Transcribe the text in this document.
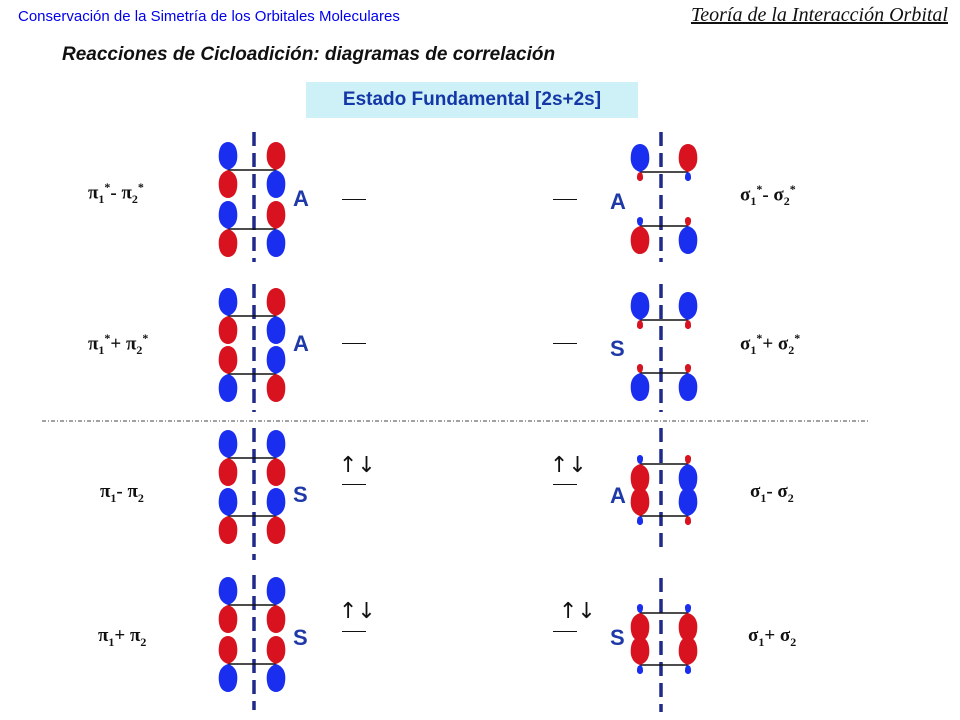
Conservación de la Simetría de los Orbitales Moleculares	Teoría de la Interacción Orbital
Reacciones de Cicloadición: diagramas de correlación
Estado Fundamental [2s+2s]
$\pi_1^*-$ $\pi_2^*$
$\pi_1^*+ \pi_2^*$
$\pi_1-$ $\pi_2$
$\pi_1+ \pi_2$
$\sigma_1^*-$ $\sigma_2^*$
$\sigma_1^*+ \sigma_2^*$
$\sigma_1-$ $\sigma_2$
$\sigma_1+ \sigma_2$
A
A
S
S
A
S
A
S
↑↓
↑↓
↑↓
↑↓
